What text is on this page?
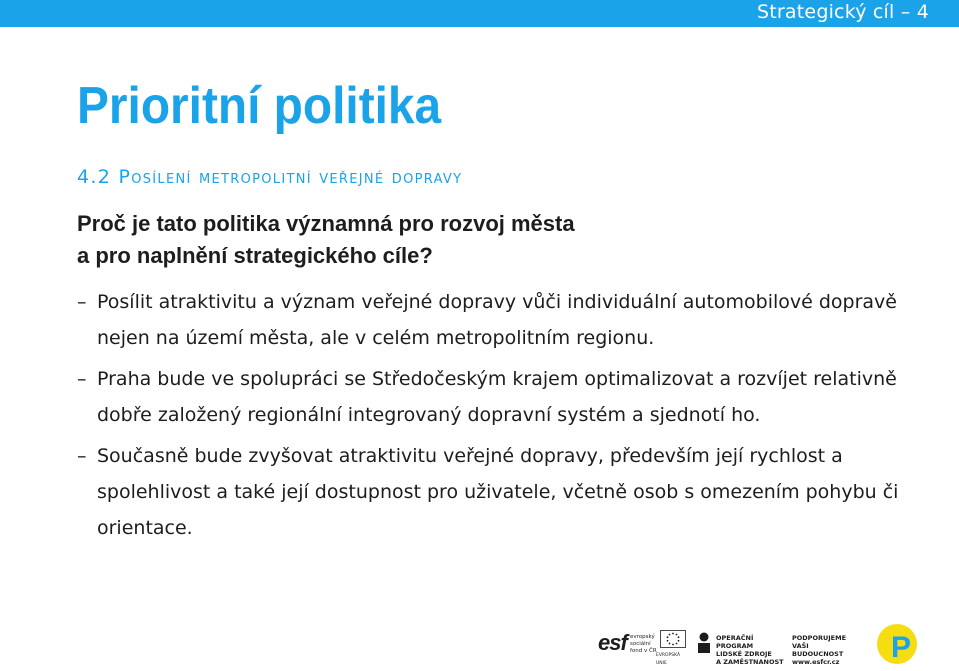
Strategický cíl – 4
Prioritní politika
4.2 Posílení metropolitní veřejné dopravy
Proč je tato politika významná pro rozvoj města
a pro naplnění strategického cíle?
– Posílit atraktivitu a význam veřejné dopravy vůči individuální automobilové dopravě nejen na území města, ale v celém metropolitním regionu.
– Praha bude ve spolupráci se Středočeským krajem optimalizovat a rozvíjet relativně dobře založený regionální integrovaný dopravní systém a sjednotí ho.
– Současně bude zvyšovat atraktivitu veřejné dopravy, především její rychlost a spolehlivost a také její dostupnost pro uživatele, včetně osob s omezením pohybu či orientace.
esf evropský
sociální
fond v ČR
EVROPSKÁ UNIE
OPERAČNÍ PROGRAM
LIDSKÉ ZDROJE
A ZAMĚSTNANOST
PODPORUJEME
VAŠI BUDOUCNOST
www.esfcr.cz	P
